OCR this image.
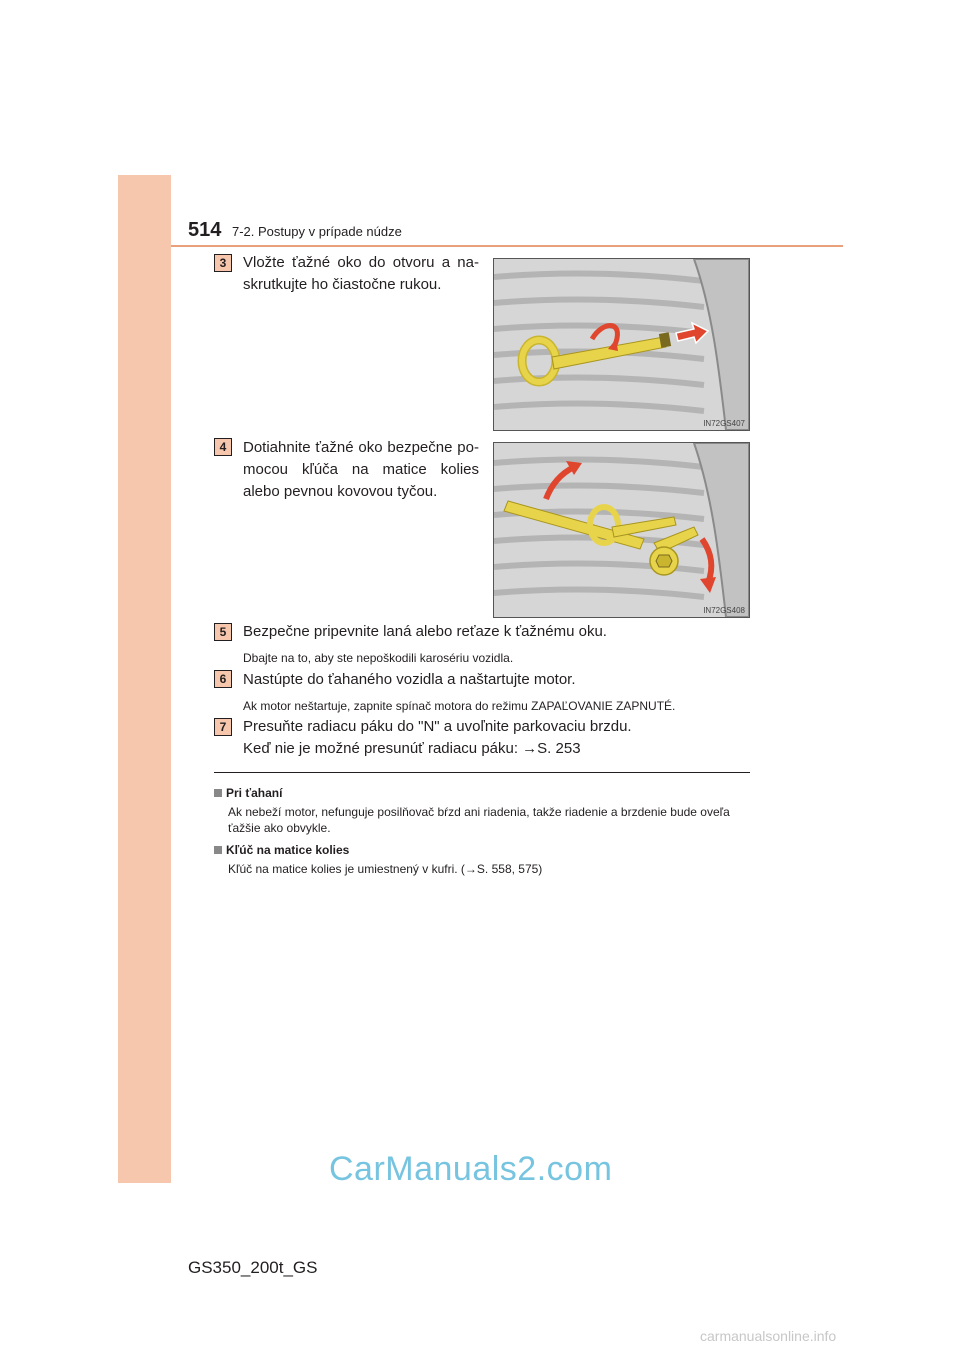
514 7-2. Postupy v prípade núdze
3	Vložte ťažné oko do otvoru a na-skrutkujte ho čiastočne rukou.
IN72GS407
4	Dotiahnite ťažné oko bezpečne po-mocou kľúča na matice kolies alebo pevnou kovovou tyčou.
IN72GS408
5	Bezpečne pripevnite laná alebo reťaze k ťažnému oku.
Dbajte na to, aby ste nepoškodili karosériu vozidla.
6	Nastúpte do ťahaného vozidla a naštartujte motor.
Ak motor neštartuje, zapnite spínač motora do režimu ZAPAĽOVANIE ZAPNUTÉ.
7	Presuňte radiacu páku do "N" a uvoľnite parkovaciu brzdu.
Keď nie je možné presunúť radiacu páku: →S. 253
Pri ťahaní
Ak nebeží motor, nefunguje posilňovač bŕzd ani riadenia, takže riadenie a brzdenie bude oveľa ťažšie ako obvykle.
Kľúč na matice kolies
Kľúč na matice kolies je umiestnený v kufri. (→S. 558, 575)
CarManuals2.com
GS350_200t_GS
carmanualsonline.info
